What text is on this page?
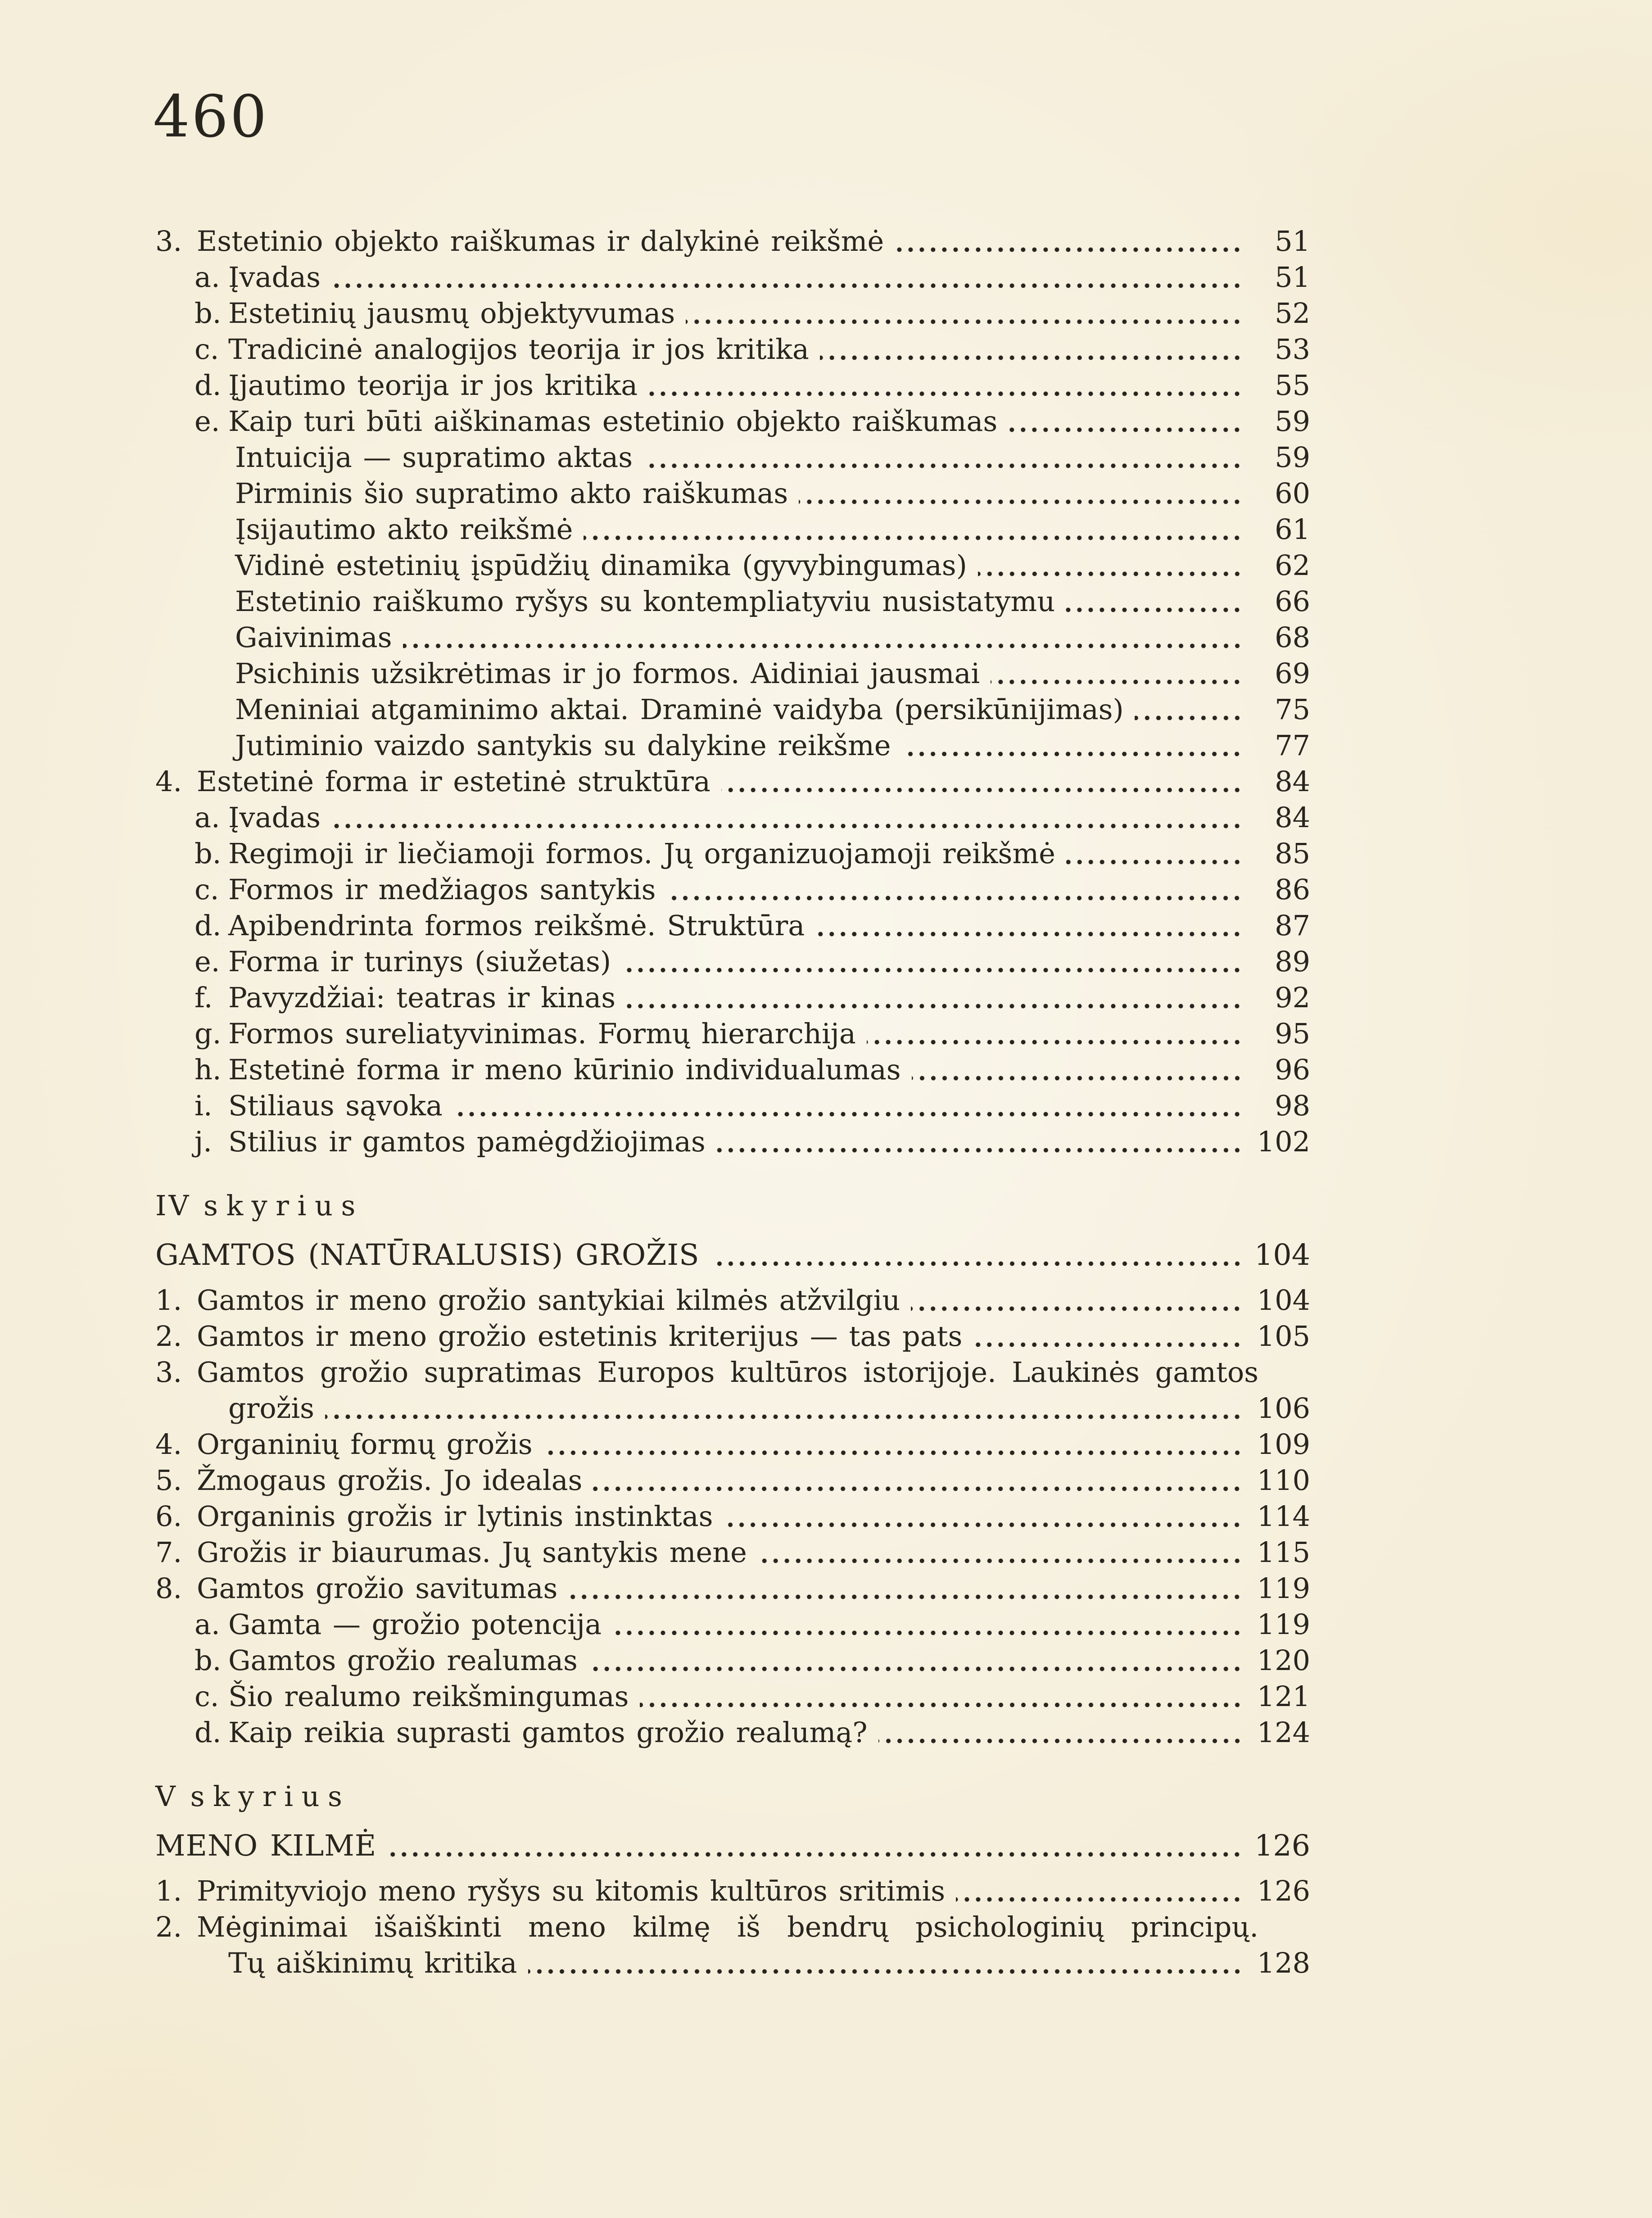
460
3. Estetinio objekto raiškumas ir dalykinė reikšmė	51
a. Įvadas	51
b. Estetinių jausmų objektyvumas	52
c. Tradicinė analogijos teorija ir jos kritika	53
d. Įjautimo teorija ir jos kritika	55
e. Kaip turi būti aiškinamas estetinio objekto raiškumas	59
Intuicija — supratimo aktas	59
Pirminis šio supratimo akto raiškumas	60
Įsijautimo akto reikšmė	61
Vidinė estetinių įspūdžių dinamika (gyvybingumas)	62
Estetinio raiškumo ryšys su kontempliatyviu nusistatymu	66
Gaivinimas	68
Psichinis užsikrėtimas ir jo formos. Aidiniai jausmai	69
Meniniai atgaminimo aktai. Draminė vaidyba (persikūnijimas)	75
Jutiminio vaizdo santykis su dalykine reikšme	77
4. Estetinė forma ir estetinė struktūra	84
a. Įvadas	84
b. Regimoji ir liečiamoji formos. Jų organizuojamoji reikšmė	85
c. Formos ir medžiagos santykis	86
d. Apibendrinta formos reikšmė. Struktūra	87
e. Forma ir turinys (siužetas)	89
f. Pavyzdžiai: teatras ir kinas	92
g. Formos sureliatyvinimas. Formų hierarchija	95
h. Estetinė forma ir meno kūrinio individualumas	96
i. Stiliaus sąvoka	98
j. Stilius ir gamtos pamėgdžiojimas	102
IV skyrius
GAMTOS (NATŪRALUSIS) GROŽIS	104
1. Gamtos ir meno grožio santykiai kilmės atžvilgiu	104
2. Gamtos ir meno grožio estetinis kriterijus — tas pats	105
3. Gamtos grožio supratimas Europos kultūros istorijoje. Laukinės gamtos
grožis	106
4. Organinių formų grožis	109
5. Žmogaus grožis. Jo idealas	110
6. Organinis grožis ir lytinis instinktas	114
7. Grožis ir biaurumas. Jų santykis mene	115
8. Gamtos grožio savitumas	119
a. Gamta — grožio potencija	119
b. Gamtos grožio realumas	120
c. Šio realumo reikšmingumas	121
d. Kaip reikia suprasti gamtos grožio realumą?	124
V skyrius
MENO KILMĖ	126
1. Primityviojo meno ryšys su kitomis kultūros sritimis	126
2. Mėginimai išaiškinti meno kilmę iš bendrų psichologinių principų.
Tų aiškinimų kritika	128
